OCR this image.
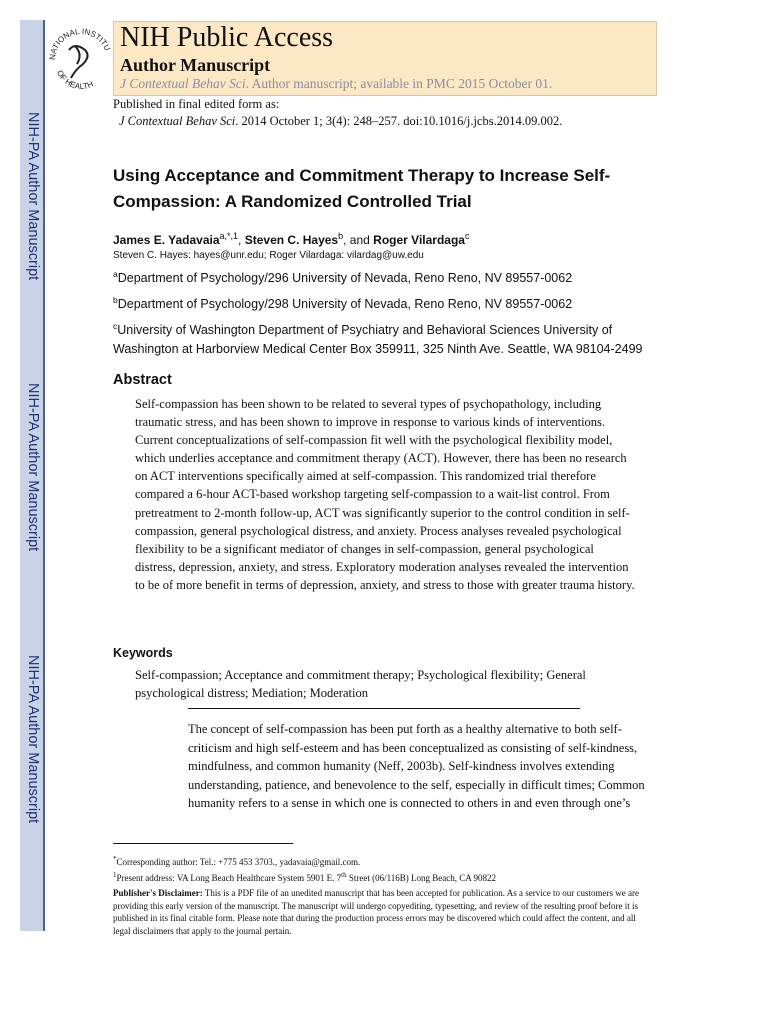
NIH-PA Author Manuscript
NIH-PA Author Manuscript
NIH-PA Author Manuscript
NATIONAL INSTITU
OF HEALTH
NIH Public Access
Author Manuscript
J Contextual Behav Sci. Author manuscript; available in PMC 2015 October 01.
Published in final edited form as:
J Contextual Behav Sci. 2014 October 1; 3(4): 248–257. doi:10.1016/j.jcbs.2014.09.002.
Using Acceptance and Commitment Therapy to Increase Self-Compassion: A Randomized Controlled Trial
James E. Yadavaia$^{a,*,1}$, Steven C. Hayes$^b$, and Roger Vilardaga$^c$
Steven C. Hayes: hayes@unr.edu; Roger Vilardaga: vilardag@uw.edu
$^a$Department of Psychology/296 University of Nevada, Reno Reno, NV 89557-0062
$^b$Department of Psychology/298 University of Nevada, Reno Reno, NV 89557-0062
$^c$University of Washington Department of Psychiatry and Behavioral Sciences University of Washington at Harborview Medical Center Box 359911, 325 Ninth Ave. Seattle, WA 98104-2499
Abstract
Self-compassion has been shown to be related to several types of psychopathology, including traumatic stress, and has been shown to improve in response to various kinds of interventions. Current conceptualizations of self-compassion fit well with the psychological flexibility model, which underlies acceptance and commitment therapy (ACT). However, there has been no research on ACT interventions specifically aimed at self-compassion. This randomized trial therefore compared a 6-hour ACT-based workshop targeting self-compassion to a wait-list control. From pretreatment to 2-month follow-up, ACT was significantly superior to the control condition in self-compassion, general psychological distress, and anxiety. Process analyses revealed psychological flexibility to be a significant mediator of changes in self-compassion, general psychological distress, depression, anxiety, and stress. Exploratory moderation analyses revealed the intervention to be of more benefit in terms of depression, anxiety, and stress to those with greater trauma history.
Keywords
Self-compassion; Acceptance and commitment therapy; Psychological flexibility; General psychological distress; Mediation; Moderation
The concept of self-compassion has been put forth as a healthy alternative to both self-criticism and high self-esteem and has been conceptualized as consisting of self-kindness, mindfulness, and common humanity (Neff, 2003b). Self-kindness involves extending understanding, patience, and benevolence to the self, especially in difficult times; Common humanity refers to a sense in which one is connected to others in and even through one’s

*Corresponding author: Tel.: +775 453 3703., yadavaia@gmail.com.

$^1$Present address: VA Long Beach Healthcare System 5901 E. 7th Street (06/116B) Long Beach, CA 90822

Publisher's Disclaimer: This is a PDF file of an unedited manuscript that has been accepted for publication. As a service to our customers we are providing this early version of the manuscript. The manuscript will undergo copyediting, typesetting, and review of the resulting proof before it is published in its final citable form. Please note that during the production process errors may be discovered which could affect the content, and all legal disclaimers that apply to the journal pertain.
